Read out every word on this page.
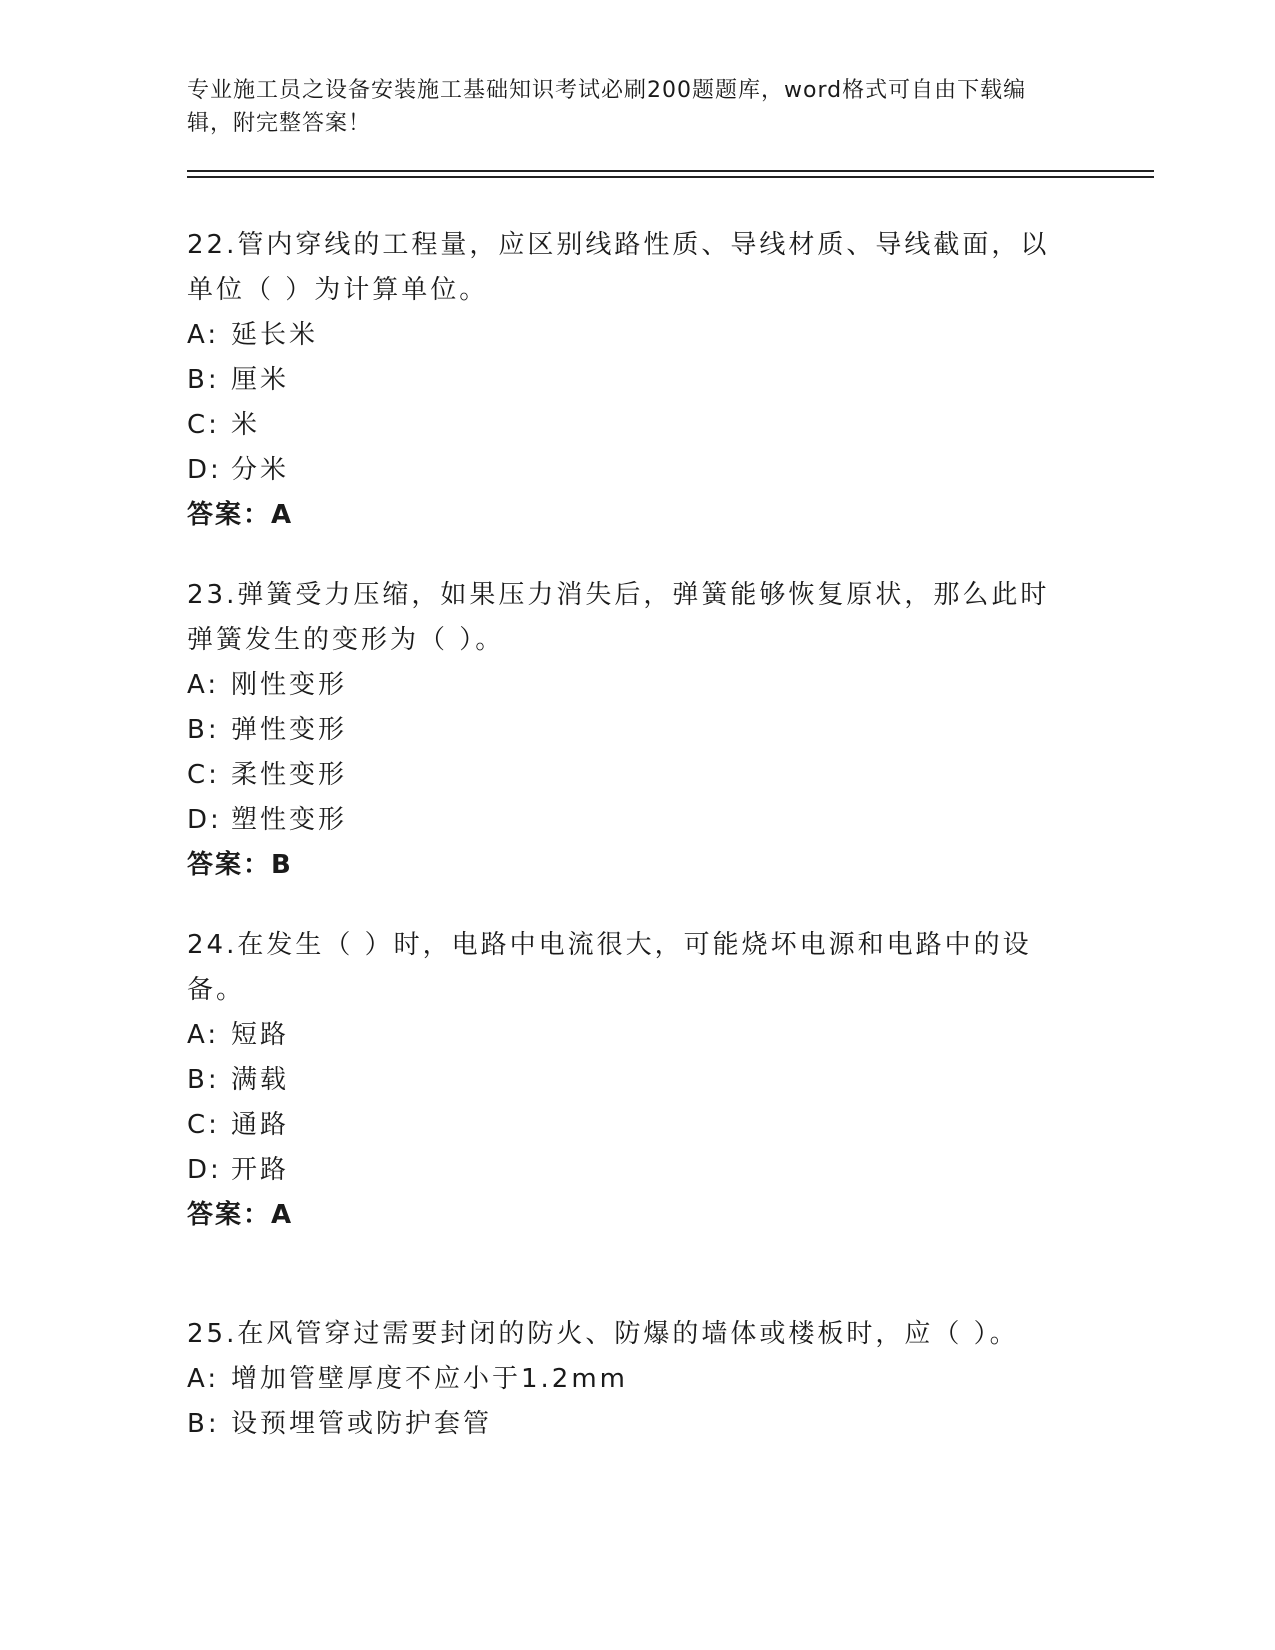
专业施工员之设备安装施工基础知识考试必刷200题题库，word格式可自由下载编辑，附完整答案！

22.管内穿线的工程量，应区别线路性质、导线材质、导线截面，以单位（ ）为计算单位。

A: 延长米

B: 厘米

C: 米

D: 分米

答案：A

23.弹簧受力压缩，如果压力消失后，弹簧能够恢复原状，那么此时弹簧发生的变形为（ ）。

A: 刚性变形

B: 弹性变形

C: 柔性变形

D: 塑性变形

答案：B

24.在发生（ ）时，电路中电流很大，可能烧坏电源和电路中的设备。

A: 短路

B: 满载

C: 通路

D: 开路

答案：A

25.在风管穿过需要封闭的防火、防爆的墙体或楼板时，应（ ）。

A: 增加管壁厚度不应小于1.2mm

B: 设预埋管或防护套管
